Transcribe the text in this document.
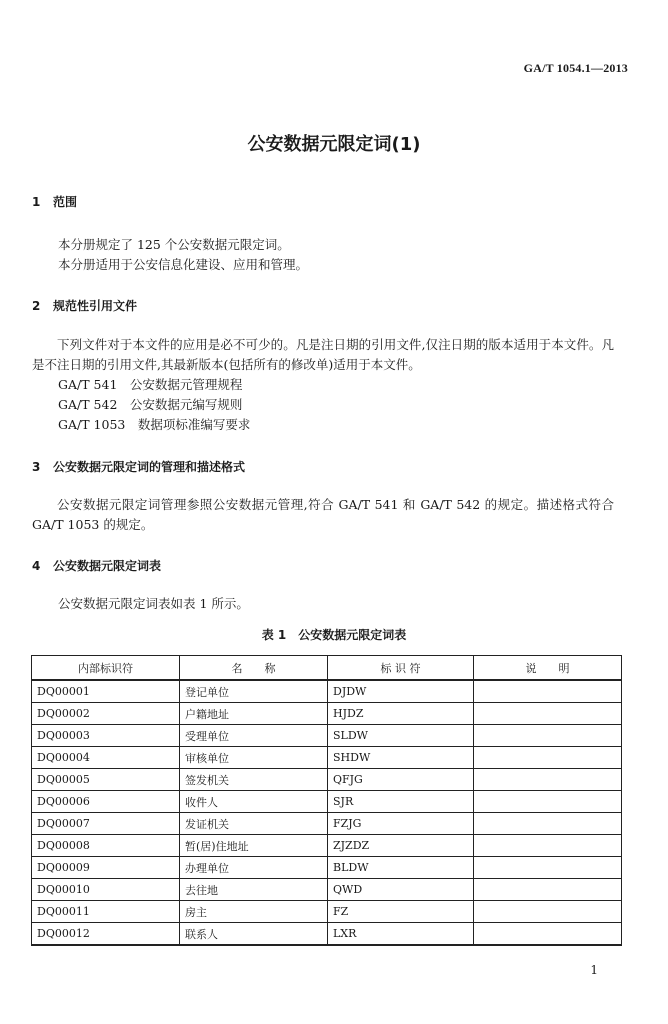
GA/T 1054.1—2013
公安数据元限定词(1)
1 范围
本分册规定了 125 个公安数据元限定词。
本分册适用于公安信息化建设、应用和管理。
2 规范性引用文件
下列文件对于本文件的应用是必不可少的。凡是注日期的引用文件,仅注日期的版本适用于本文件。凡是不注日期的引用文件,其最新版本(包括所有的修改单)适用于本文件。
GA/T 541　公安数据元管理规程
GA/T 542　公安数据元编写规则
GA/T 1053　数据项标准编写要求
3 公安数据元限定词的管理和描述格式
公安数据元限定词管理参照公安数据元管理,符合 GA/T 541 和 GA/T 542 的规定。描述格式符合 GA/T 1053 的规定。
4 公安数据元限定词表
公安数据元限定词表如表 1 所示。
表 1　公安数据元限定词表
内部标识符	名　　称	标 识 符	说　　明
DQ00001	登记单位	DJDW	
DQ00002	户籍地址	HJDZ	
DQ00003	受理单位	SLDW	
DQ00004	审核单位	SHDW	
DQ00005	签发机关	QFJG	
DQ00006	收件人	SJR	
DQ00007	发证机关	FZJG	
DQ00008	暂(居)住地址	ZJZDZ	
DQ00009	办理单位	BLDW	
DQ00010	去往地	QWD	
DQ00011	房主	FZ	
DQ00012	联系人	LXR	
1
